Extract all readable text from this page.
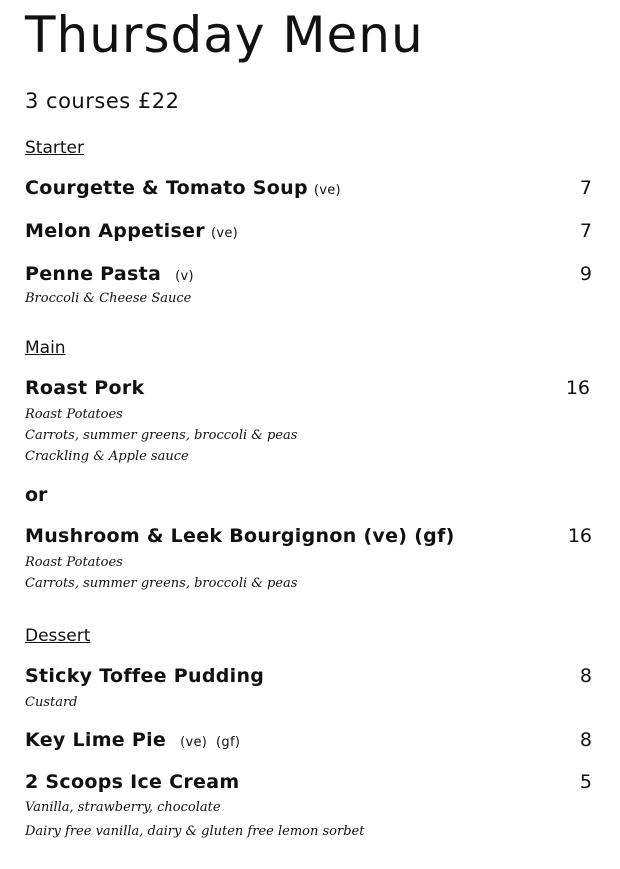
Thursday Menu
3 courses £22
Starter
Courgette & Tomato Soup (ve)	7
Melon Appetiser (ve)	7
Penne Pasta (v)	9
Broccoli & Cheese Sauce
Main
Roast Pork	16
Roast Potatoes
Carrots, summer greens, broccoli & peas
Crackling & Apple sauce
or
Mushroom & Leek Bourgignon (ve) (gf)	16
Roast Potatoes
Carrots, summer greens, broccoli & peas
Dessert
Sticky Toffee Pudding	8
Custard
Key Lime Pie (ve)  (gf)	8
2 Scoops Ice Cream	5
Vanilla, strawberry, chocolate
Dairy free vanilla, dairy & gluten free lemon sorbet
